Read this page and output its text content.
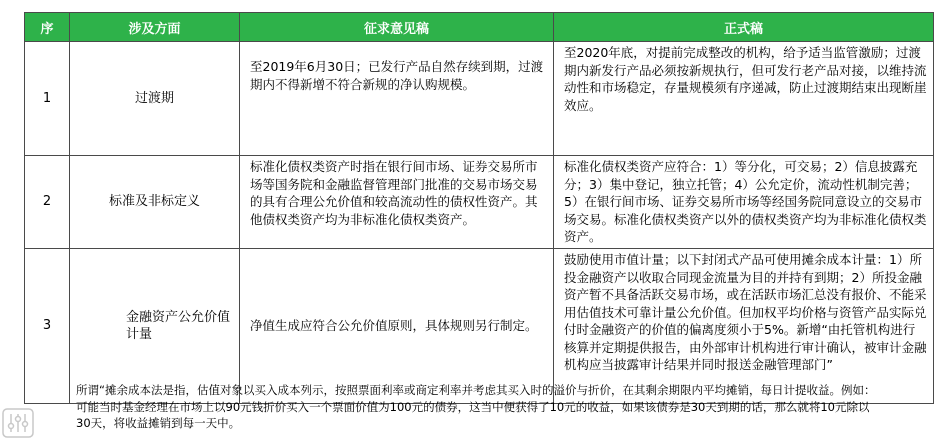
序	涉及方面	征求意见稿	正式稿
1	过渡期	至2019年6月30日；已发行产品自然存续到期，过渡期内不得新增不符合新规的净认购规模。	至2020年底，对提前完成整改的机构，给予适当监管激励；过渡期内新发行产品必须按新规执行，但可发行老产品对接，以维持流动性和市场稳定，存量规模须有序递减，防止过渡期结束出现断崖效应。
2	标准及非标定义	标准化债权类资产时指在银行间市场、证券交易所市场等国务院和金融监督管理部门批准的交易市场交易的具有合理公允价值和较高流动性的债权性资产。其他债权类资产均为非标准化债权类资产。	标准化债权类资产应符合：1）等分化，可交易；2）信息披露充分；3）集中登记，独立托管；4）公允定价，流动性机制完善；5）在银行间市场、证券交易所市场等经国务院同意设立的交易市场交易。标准化债权类资产以外的债权类资产均为非标准化债权类资产。
3	金融资产公允价值计量	净值生成应符合公允价值原则，具体规则另行制定。	鼓励使用市值计量；以下封闭式产品可使用摊余成本计量：1）所投金融资产以收取合同现金流量为目的并持有到期；2）所投金融资产暂不具备活跃交易市场，或在活跃市场汇总没有报价、不能采用估值技术可靠计量公允价值。但加权平均价格与资管产品实际兑付时金融资产的价值的偏离度须小于5%。新增“由托管机构进行核算并定期提供报告，由外部审计机构进行审计确认，被审计金融机构应当披露审计结果并同时报送金融管理部门”
所谓“摊余成本法是指，估值对象以买入成本列示，按照票面利率或商定利率并考虑其买入时的溢价与折价，在其剩余期限内平均摊销，每日计提收益。例如：可能当时基金经理在市场上以90元钱折价买入一个票面价值为100元的债券，这当中便获得了10元的收益，如果该债券是30天到期的话，那么就将10元除以30天，将收益摊销到每一天中。
